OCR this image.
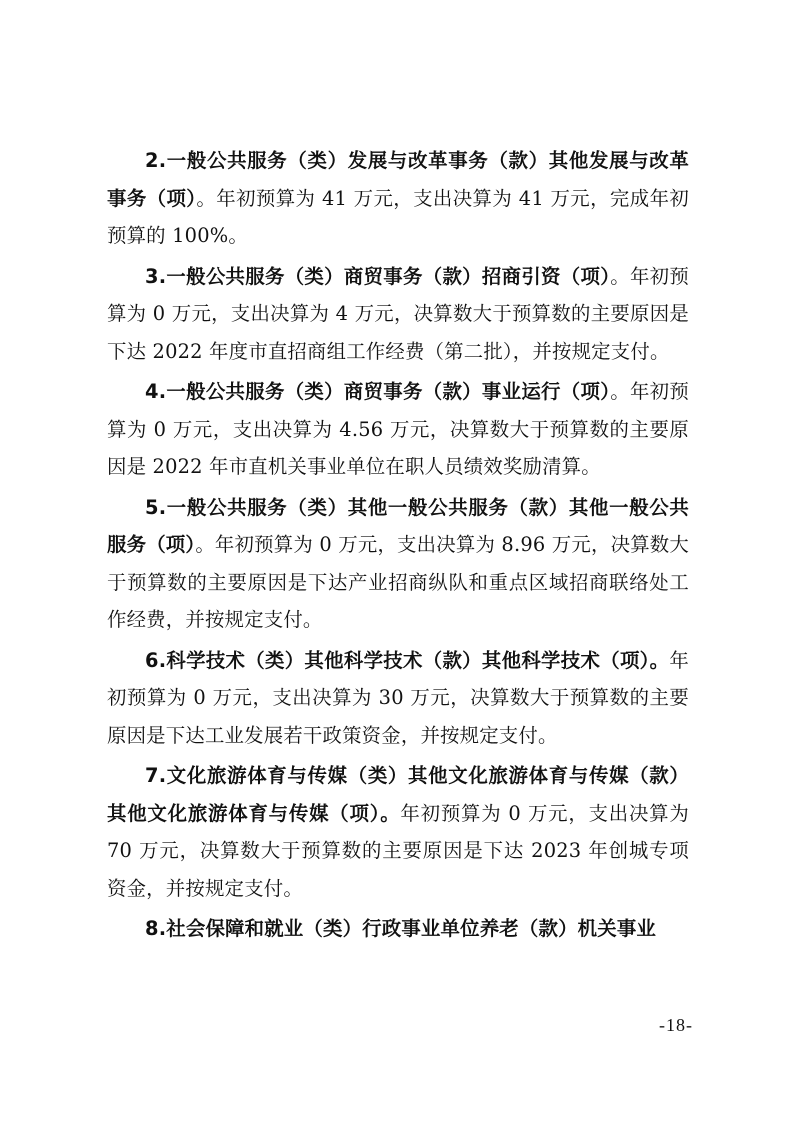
2.一般公共服务（类）发展与改革事务（款）其他发展与改革事务（项）。年初预算为 41 万元，支出决算为 41 万元，完成年初预算的 100%。

3.一般公共服务（类）商贸事务（款）招商引资（项）。年初预算为 0 万元，支出决算为 4 万元，决算数大于预算数的主要原因是下达 2022 年度市直招商组工作经费（第二批），并按规定支付。

4.一般公共服务（类）商贸事务（款）事业运行（项）。年初预算为 0 万元，支出决算为 4.56 万元，决算数大于预算数的主要原因是 2022 年市直机关事业单位在职人员绩效奖励清算。

5.一般公共服务（类）其他一般公共服务（款）其他一般公共服务（项）。年初预算为 0 万元，支出决算为 8.96 万元，决算数大于预算数的主要原因是下达产业招商纵队和重点区域招商联络处工作经费，并按规定支付。

6.科学技术（类）其他科学技术（款）其他科学技术（项）。年初预算为 0 万元，支出决算为 30 万元，决算数大于预算数的主要原因是下达工业发展若干政策资金，并按规定支付。

7.文化旅游体育与传媒（类）其他文化旅游体育与传媒（款）其他文化旅游体育与传媒（项）。年初预算为 0 万元，支出决算为 70 万元，决算数大于预算数的主要原因是下达 2023 年创城专项资金，并按规定支付。

8.社会保障和就业（类）行政事业单位养老（款）机关事业

-18-
